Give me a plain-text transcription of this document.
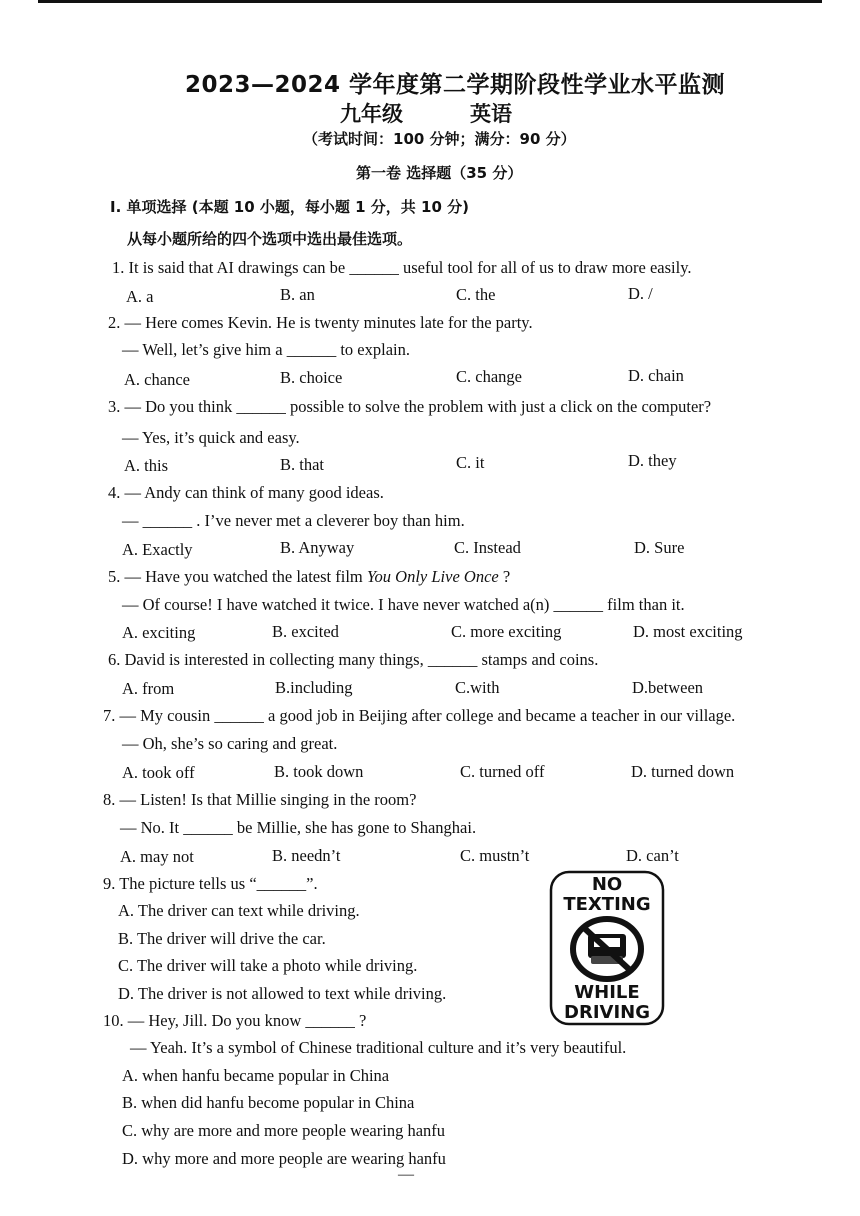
2023—2024 学年度第二学期阶段性学业水平监测
九年级	英语
（考试时间：100 分钟；满分：90 分）
第一卷 选择题（35 分）
I. 单项选择 (本题 10 小题，每小题 1 分，共 10 分)
从每小题所给的四个选项中选出最佳选项。
1. It is said that AI drawings can be ______ useful tool for all of us to draw more easily.
A. a	B. an	C. the	D. /
2. — Here comes Kevin. He is twenty minutes late for the party.
— Well, let’s give him a ______ to explain.
A. chance	B. choice	C. change	D. chain
3. — Do you think ______ possible to solve the problem with just a click on the computer?
— Yes, it’s quick and easy.
A. this	B. that	C. it	D. they
4. — Andy can think of many good ideas.
— ______ . I’ve never met a cleverer boy than him.
A. Exactly	B. Anyway	C. Instead	D. Sure
5. — Have you watched the latest film You Only Live Once ?
— Of course! I have watched it twice. I have never watched a(n) ______ film than it.
A. exciting	B. excited	C. more exciting	D. most exciting
6. David is interested in collecting many things, ______ stamps and coins.
A. from	B.including	C.with	D.between
7. — My cousin ______ a good job in Beijing after college and became a teacher in our village.
— Oh, she’s so caring and great.
A. took off	B. took down	C. turned off	D. turned down
8. — Listen! Is that Millie singing in the room?
— No. It ______ be Millie, she has gone to Shanghai.
A. may not	B. needn’t	C. mustn’t	D. can’t
9. The picture tells us “______”.
A. The driver can text while driving.
B. The driver will drive the car.
C. The driver will take a photo while driving.
D. The driver is not allowed to text while driving.
NO
TEXTING
WHILE
DRIVING
10. — Hey, Jill. Do you know ______ ?
— Yeah. It’s a symbol of Chinese traditional culture and it’s very beautiful.
A. when hanfu became popular in China
B. when did hanfu become popular in China
C. why are more and more people wearing hanfu
D. why more and more people are wearing hanfu
—
